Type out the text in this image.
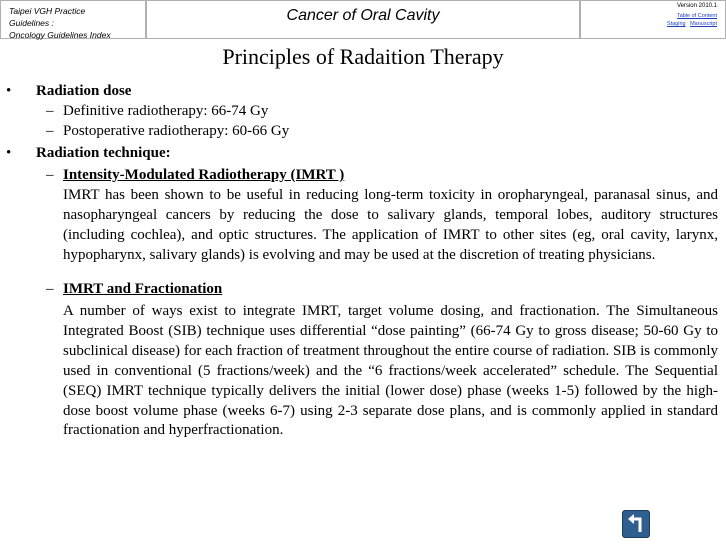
Taipei VGH Practice
Guidelines :
Oncology Guidelines Index
Cancer of Oral Cavity
Version 2010.1
Table of Content
Staging Manuscript
Principles of Radaition Therapy
• Radiation dose
– Definitive radiotherapy: 66-74 Gy
– Postoperative radiotherapy: 60-66 Gy
• Radiation technique:
– Intensity-Modulated Radiotherapy (IMRT )
IMRT has been shown to be useful in reducing long-term toxicity in oropharyngeal, paranasal sinus, and nasopharyngeal cancers by reducing the dose to salivary glands, temporal lobes, auditory structures (including cochlea), and optic structures. The application of IMRT to other sites (eg, oral cavity, larynx, hypopharynx, salivary glands) is evolving and may be used at the discretion of treating physicians.
– IMRT and Fractionation
A number of ways exist to integrate IMRT, target volume dosing, and fractionation. The Simultaneous Integrated Boost (SIB) technique uses differential “dose painting” (66-74 Gy to gross disease; 50-60 Gy to subclinical disease) for each fraction of treatment throughout the entire course of radiation. SIB is commonly used in conventional (5 fractions/week) and the “6 fractions/week accelerated” schedule. The Sequential (SEQ) IMRT technique typically delivers the initial (lower dose) phase (weeks 1-5) followed by the high-dose boost volume phase (weeks 6-7) using 2-3 separate dose plans, and is commonly applied in standard fractionation and hyperfractionation.
